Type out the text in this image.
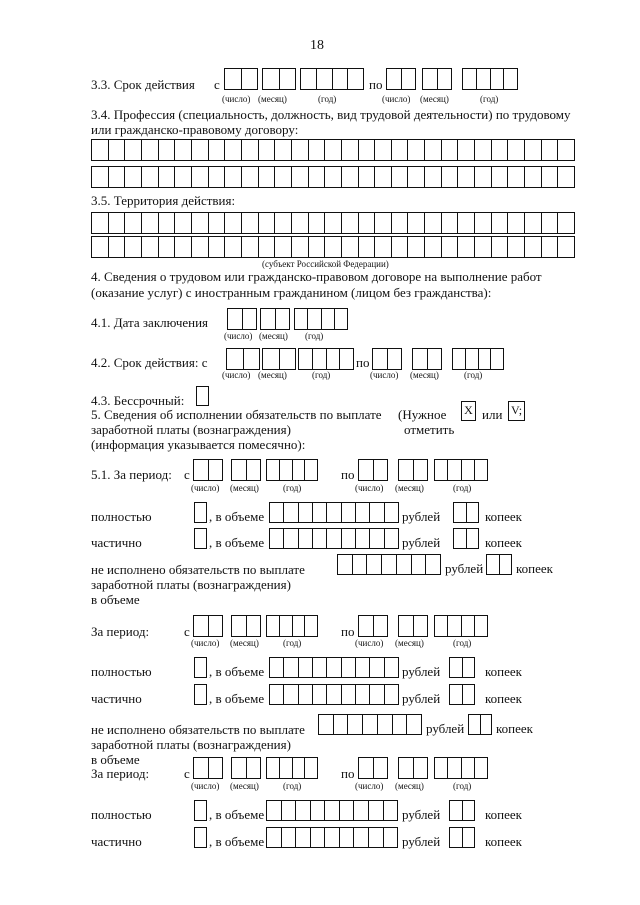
18
3.3. Срок действия с	по
(число) (месяц)	(год)	(число) (месяц)	(год)
3.4. Профессия (специальность, должность, вид трудовой деятельности) по трудовому
или гражданско-правовому договору:
3.5. Территория действия:
(субъект Российской Федерации)
4. Сведения о трудовом или гражданско-правовом договоре на выполнение работ
(оказание услуг) с иностранным гражданином (лицом без гражданства):
4.1. Дата заключения
(число) (месяц) (год)
4.2. Срок действия: с	по
(число) (месяц)	(год)	(число) (месяц)	(год)
4.3. Бессрочный:
5. Сведения об исполнении обязательств по выплате
заработной платы (вознаграждения)
(информация указывается помесячно):
(Нужное
отметить
X или V;
5.1. За период: с	по
(число) (месяц)	(год)	(число) (месяц)	(год)
полностью	, в объеме	рублей	копеек
частично	, в объеме	рублей	копеек
не исполнено обязательств по выплате
заработной платы (вознаграждения)
в объеме
рублей	копеек
За период:	с	по
(число) (месяц)	(год)	(число) (месяц)	(год)
полностью	, в объеме	рублей	копеек
частично	, в объеме	рублей	копеек
не исполнено обязательств по выплате
заработной платы (вознаграждения)
в объеме
рублей копеек
За период:	с	по
(число) (месяц)	(год)	(число) (месяц)	(год)
полностью	, в объеме	рублей	копеек
частично	, в объеме	рублей	копеек
